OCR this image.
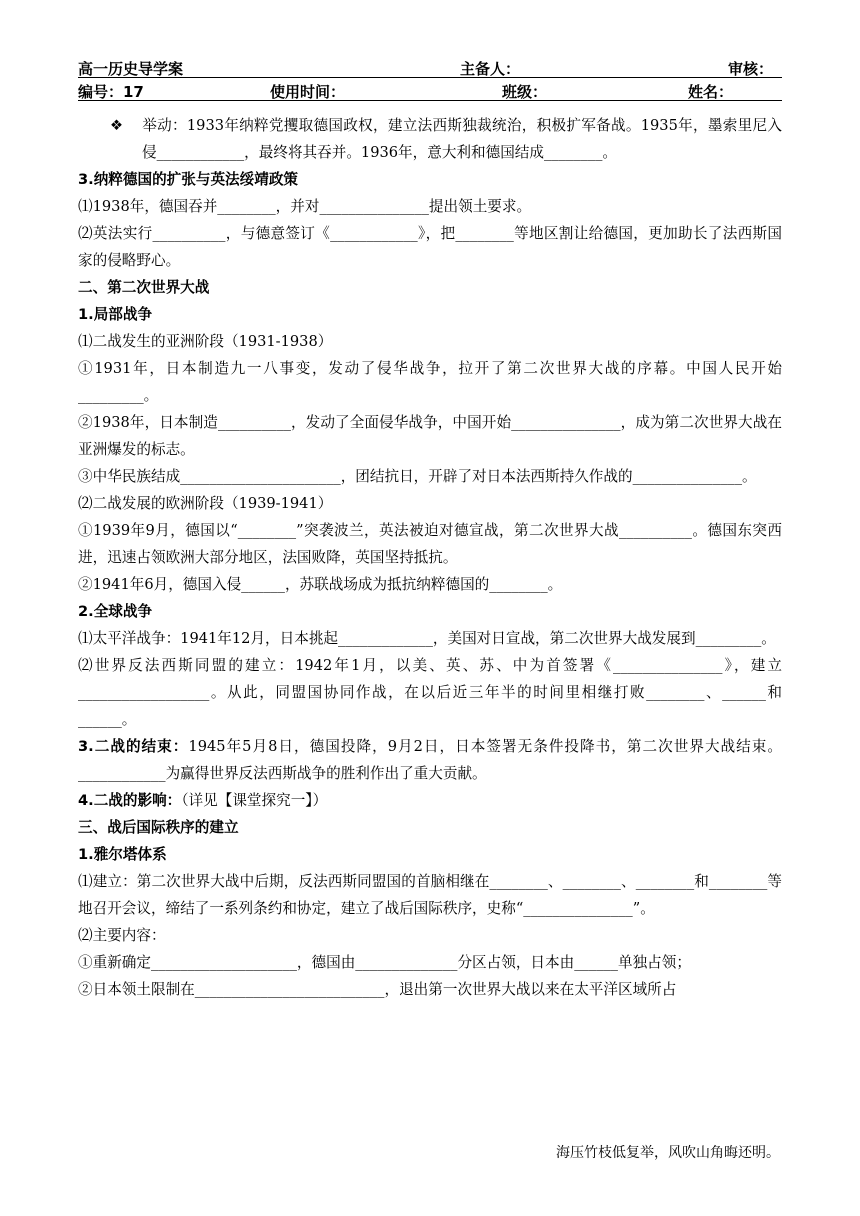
高一历史导学案	主备人：	审核：
编号：17	使用时间：	班级：	姓名：

❖ 举动：1933年纳粹党攫取德国政权，建立法西斯独裁统治，积极扩军备战。1935年，墨索里尼入侵____________，最终将其吞并。1936年，意大利和德国结成________。

3.纳粹德国的扩张与英法绥靖政策

⑴1938年，德国吞并________，并对_______________提出领土要求。

⑵英法实行__________，与德意签订《____________》，把________等地区割让给德国，更加助长了法西斯国家的侵略野心。

二、第二次世界大战

1.局部战争

⑴二战发生的亚洲阶段（1931-1938）

①1931年，日本制造九一八事变，发动了侵华战争，拉开了第二次世界大战的序幕。中国人民开始_________。

②1938年，日本制造__________，发动了全面侵华战争，中国开始_______________，成为第二次世界大战在亚洲爆发的标志。

③中华民族结成______________________，团结抗日，开辟了对日本法西斯持久作战的_______________。

⑵二战发展的欧洲阶段（1939-1941）

①1939年9月，德国以“________”突袭波兰，英法被迫对德宣战，第二次世界大战__________。德国东突西进，迅速占领欧洲大部分地区，法国败降，英国坚持抵抗。

②1941年6月，德国入侵______，苏联战场成为抵抗纳粹德国的________。

2.全球战争

⑴太平洋战争：1941年12月，日本挑起_____________，美国对日宣战，第二次世界大战发展到_________。

⑵世界反法西斯同盟的建立：1942年1月，以美、英、苏、中为首签署《_______________》，建立__________________。从此，同盟国协同作战，在以后近三年半的时间里相继打败________、______和______。

3.二战的结束：1945年5月8日，德国投降，9月2日，日本签署无条件投降书，第二次世界大战结束。____________为赢得世界反法西斯战争的胜利作出了重大贡献。

4.二战的影响：（详见【课堂探究一】）

三、战后国际秩序的建立

1.雅尔塔体系

⑴建立：第二次世界大战中后期，反法西斯同盟国的首脑相继在________、________、________和________等地召开会议，缔结了一系列条约和协定，建立了战后国际秩序，史称“_______________”。

⑵主要内容：

①重新确定____________________，德国由______________分区占领，日本由______单独占领；

②日本领土限制在__________________________，退出第一次世界大战以来在太平洋区域所占

海压竹枝低复举，风吹山角晦还明。
